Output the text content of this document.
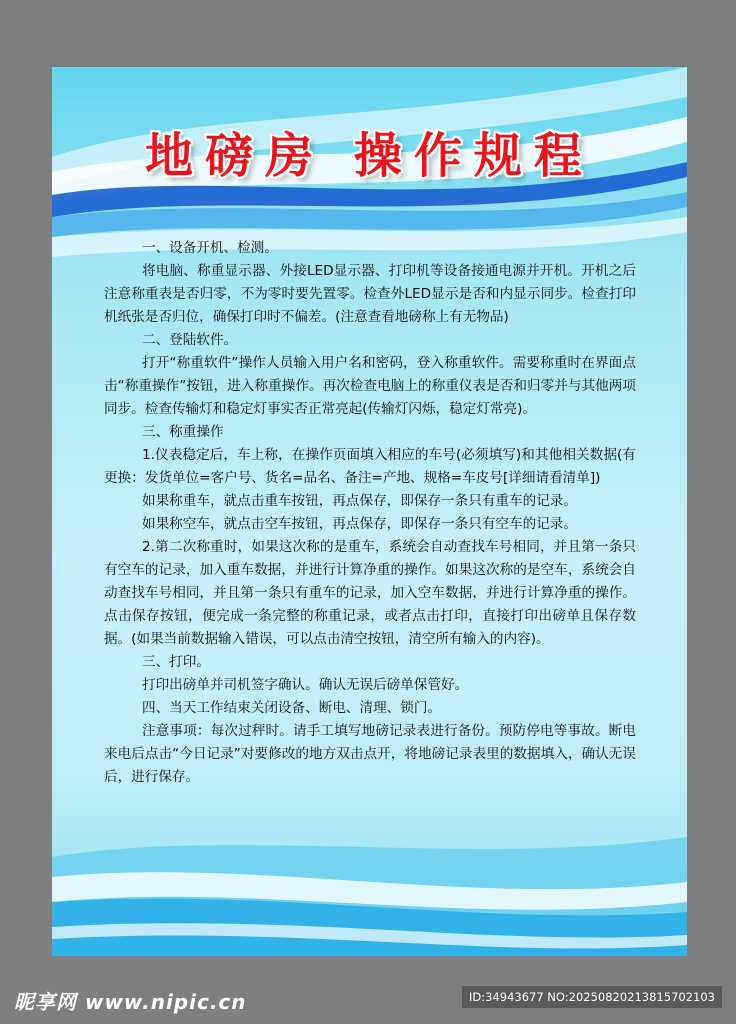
地磅房 操作规程

一、设备开机、检测。

将电脑、称重显示器、外接LED显示器、打印机等设备接通电源并开机。开机之后注意称重表是否归零，不为零时要先置零。检查外LED显示是否和内显示同步。检查打印机纸张是否归位，确保打印时不偏差。(注意查看地磅称上有无物品)

二、登陆软件。

打开“称重软件”操作人员输入用户名和密码，登入称重软件。需要称重时在界面点击“称重操作”按钮，进入称重操作。再次检查电脑上的称重仪表是否和归零并与其他两项同步。检查传输灯和稳定灯事实否正常亮起(传输灯闪烁，稳定灯常亮)。

三、称重操作

1.仪表稳定后，车上称，在操作页面填入相应的车号(必须填写)和其他相关数据(有更换：发货单位=客户号、货名=品名、备注=产地、规格=车皮号[详细请看清单])

如果称重车，就点击重车按钮，再点保存，即保存一条只有重车的记录。

如果称空车，就点击空车按钮，再点保存，即保存一条只有空车的记录。

2.第二次称重时，如果这次称的是重车，系统会自动查找车号相同，并且第一条只有空车的记录，加入重车数据，并进行计算净重的操作。如果这次称的是空车，系统会自动查找车号相同，并且第一条只有重车的记录，加入空车数据，并进行计算净重的操作。点击保存按钮，便完成一条完整的称重记录，或者点击打印，直接打印出磅单且保存数据。(如果当前数据输入错误，可以点击清空按钮，清空所有输入的内容)。

三、打印。

打印出磅单并司机签字确认。确认无误后磅单保管好。

四、当天工作结束关闭设备、断电、清理、锁门。

注意事项：每次过秤时。请手工填写地磅记录表进行备份。预防停电等事故。断电来电后点击“今日记录”对要修改的地方双击点开，将地磅记录表里的数据填入，确认无误后，进行保存。

昵享网 www.nipic.cn	ID:34943677 NO:20250820213815702103
